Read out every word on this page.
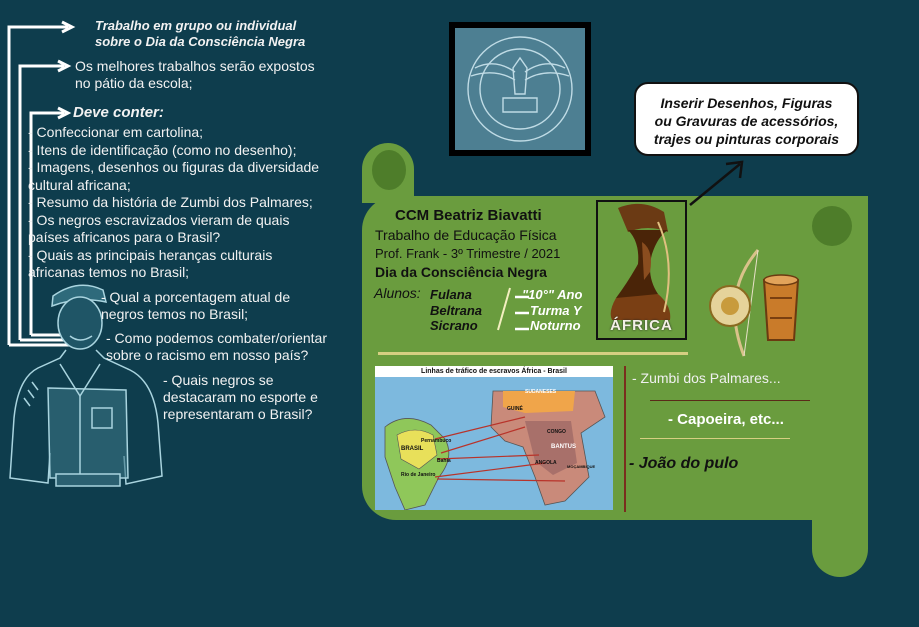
Trabalho em grupo ou individual
sobre o Dia da Consciência Negra
Os melhores trabalhos serão expostos
no pátio da escola;
Deve conter:
- Confeccionar em cartolina;
- Itens de identificação (como no desenho);
- Imagens, desenhos ou figuras da diversidade
cultural africana;
- Resumo da história de Zumbi dos Palmares;
- Os negros escravizados vieram de quais
países africanos para o Brasil?
- Quais as principais heranças culturais
africanas temos no Brasil;
- Qual a porcentagem atual de
negros temos no Brasil;
- Como podemos combater/orientar
sobre o racismo em nosso país?
- Quais negros se
destacaram no esporte e
representaram o Brasil?
Inserir Desenhos, Figuras
ou Gravuras de acessórios,
trajes ou pinturas corporais
CCM Beatriz Biavatti
Trabalho de Educação Física
Prof. Frank - 3º Trimestre / 2021
Dia da Consciência Negra
Alunos: Fulana
Beltrana
Sicrano
"10°" Ano
Turma Y
Noturno	ÁFRICA
Linhas de tráfico de escravos África - Brasil
SUDANESES
GUINÉ
CONGO
BANTUS
ANGOLA
MOÇAMBIQUE
Pernambuco
BRASIL
Bahia
Rio de Janeiro
- Zumbi dos Palmares...
- Capoeira, etc...
- João do pulo
